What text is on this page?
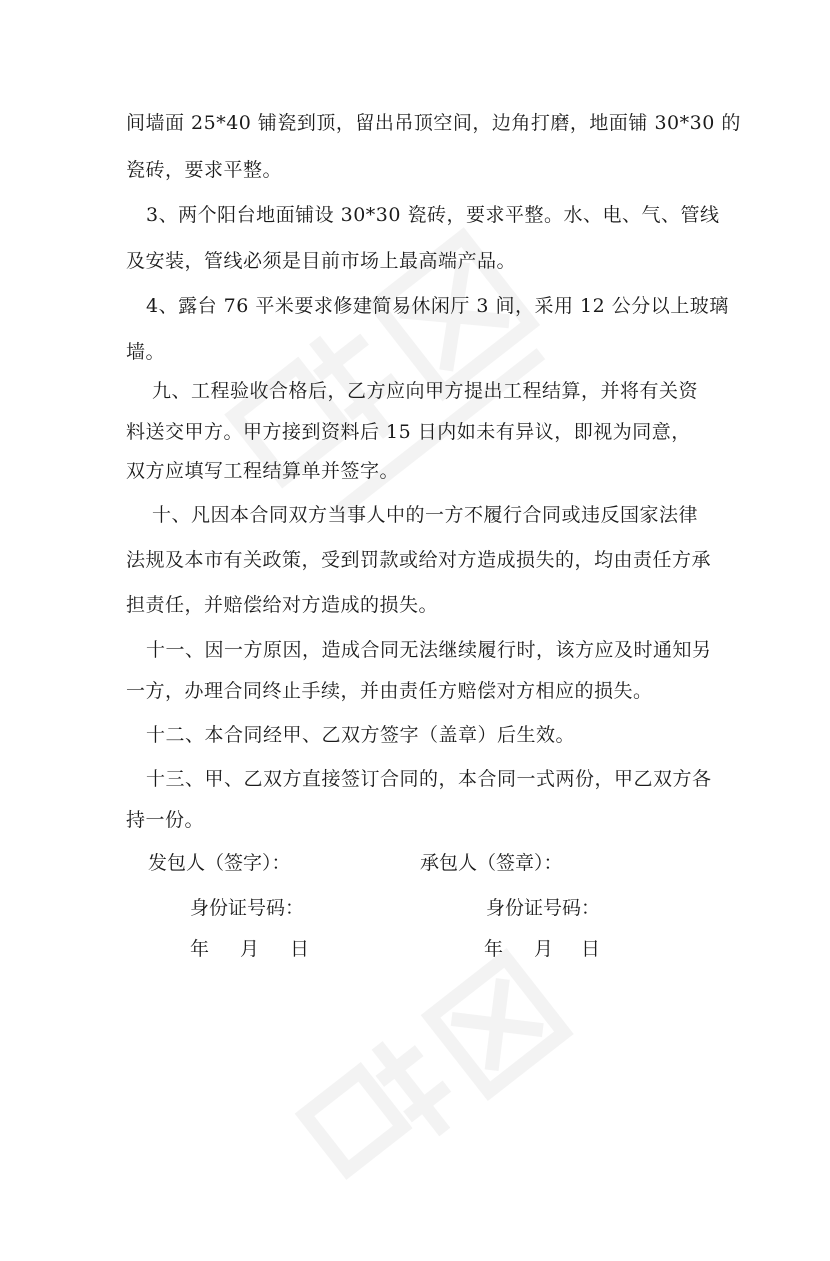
间墙面 25*40 铺瓷到顶，留出吊顶空间，边角打磨，地面铺 30*30 的
瓷砖，要求平整。
3、两个阳台地面铺设 30*30 瓷砖，要求平整。水、电、气、管线
及安装，管线必须是目前市场上最高端产品。
4、露台 76 平米要求修建简易休闲厅 3 间，采用 12 公分以上玻璃
墙。
九、工程验收合格后，乙方应向甲方提出工程结算，并将有关资
料送交甲方。甲方接到资料后 15 日内如未有异议，即视为同意，
双方应填写工程结算单并签字。
十、凡因本合同双方当事人中的一方不履行合同或违反国家法律
法规及本市有关政策，受到罚款或给对方造成损失的，均由责任方承
担责任，并赔偿给对方造成的损失。
十一、因一方原因，造成合同无法继续履行时，该方应及时通知另
一方，办理合同终止手续，并由责任方赔偿对方相应的损失。
十二、本合同经甲、乙双方签字（盖章）后生效。
十三、甲、乙双方直接签订合同的，本合同一式两份，甲乙双方各
持一份。
发包人（签字）：	承包人（签章）：
身份证号码：	身份证号码：
年 月 日	年 月 日
